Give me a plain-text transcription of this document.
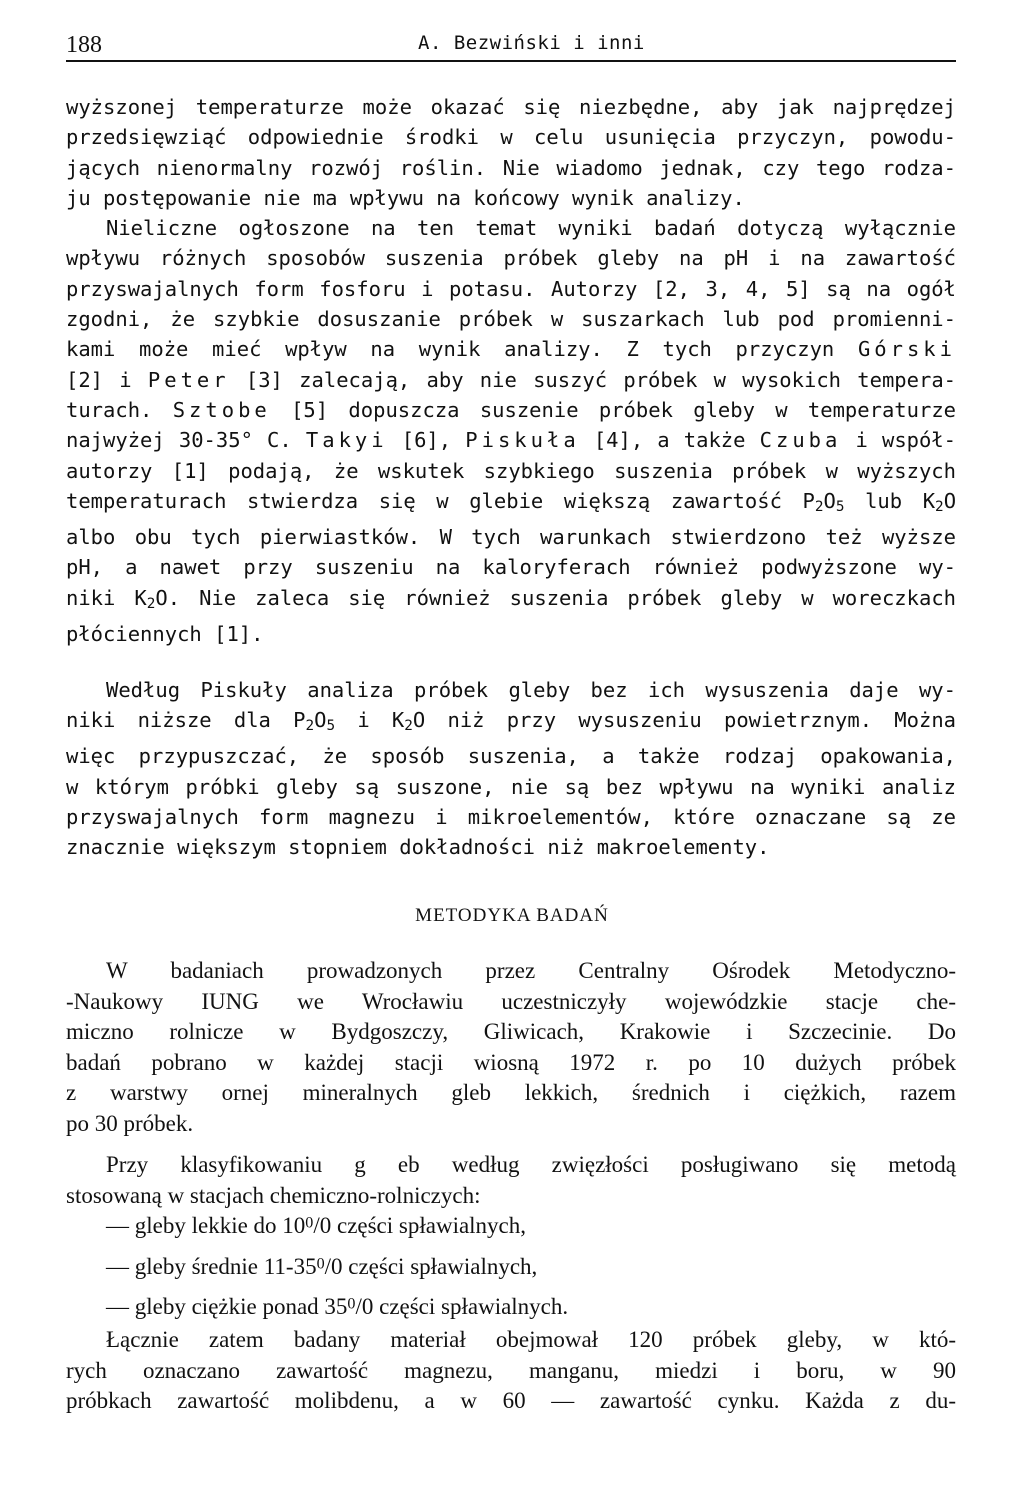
188	A. Bezwiński i inni
wyższonej temperaturze może okazać się niezbędne, aby jak najprędzej
przedsięwziąć odpowiednie środki w celu usunięcia przyczyn, powodu-
jących nienormalny rozwój roślin. Nie wiadomo jednak, czy tego rodza-
ju postępowanie nie ma wpływu na końcowy wynik analizy.
Nieliczne ogłoszone na ten temat wyniki badań dotyczą wyłącznie
wpływu różnych sposobów suszenia próbek gleby na pH i na zawartość
przyswajalnych form fosforu i potasu. Autorzy [2, 3, 4, 5] są na ogół
zgodni, że szybkie dosuszanie próbek w suszarkach lub pod promienni-
kami może mieć wpływ na wynik analizy. Z tych przyczyn Górski
[2] i Peter [3] zalecają, aby nie suszyć próbek w wysokich tempera-
turach. Sztobe [5] dopuszcza suszenie próbek gleby w temperaturze
najwyżej 30-35° C. Takyi [6], Piskuła [4], a także Czuba i współ-
autorzy [1] podają, że wskutek szybkiego suszenia próbek w wyższych
temperaturach stwierdza się w glebie większą zawartość $P_2O_5$ lub $K_2O$
albo obu tych pierwiastków. W tych warunkach stwierdzono też wyższe
pH, a nawet przy suszeniu na kaloryferach również podwyższone wy-
niki $K_2O$. Nie zaleca się również suszenia próbek gleby w woreczkach
płóciennych [1].
Według Piskuły analiza próbek gleby bez ich wysuszenia daje wy-
niki niższe dla $P_2O_5$ i $K_2O$ niż przy wysuszeniu powietrznym. Można
więc przypuszczać, że sposób suszenia, a także rodzaj opakowania,
w którym próbki gleby są suszone, nie są bez wpływu na wyniki analiz
przyswajalnych form magnezu i mikroelementów, które oznaczane są ze
znacznie większym stopniem dokładności niż makroelementy.
METODYKA BADAŃ
W badaniach prowadzonych przez Centralny Ośrodek Metodyczno-
-Naukowy IUNG we Wrocławiu uczestniczyły wojewódzkie stacje che-
miczno rolnicze w Bydgoszczy, Gliwicach, Krakowie i Szczecinie. Do
badań pobrano w każdej stacji wiosną 1972 r. po 10 dużych próbek
z warstwy ornej mineralnych gleb lekkich, średnich i ciężkich, razem
po 30 próbek.
Przy klasyfikowaniu g eb według zwięzłości posługiwano się metodą
stosowaną w stacjach chemiczno-rolniczych:
— gleby lekkie do $10^0/0$ części spławialnych,
— gleby średnie $11-35^0/0$ części spławialnych,
— gleby ciężkie ponad $35^0/0$ części spławialnych.
Łącznie zatem badany materiał obejmował 120 próbek gleby, w któ-
rych oznaczano zawartość magnezu, manganu, miedzi i boru, w 90
próbkach zawartość molibdenu, a w 60 — zawartość cynku. Każda z du-
